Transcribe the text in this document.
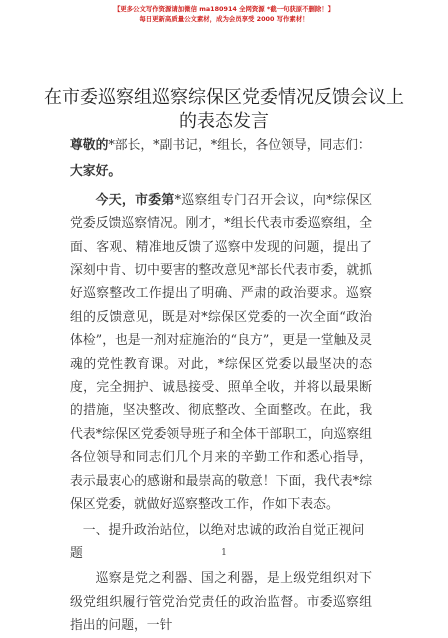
【更多公文写作资源请加微信 ma180914 全网资源 *截一句获原不删除！】
每日更新高质量公文素材，成为会员享受 2000 写作素材！
在市委巡察组巡察综保区党委情况反馈会议上的表态发言

尊敬的*部长，*副书记，*组长，各位领导，同志们：

大家好。

今天，市委第*巡察组专门召开会议，向*综保区党委反馈巡察情况。刚才，*组长代表市委巡察组，全面、客观、精准地反馈了巡察中发现的问题，提出了深刻中肯、切中要害的整改意见*部长代表市委，就抓好巡察整改工作提出了明确、严肃的政治要求。巡察组的反馈意见，既是对*综保区党委的一次全面“政治体检”，也是一剂对症施治的“良方”，更是一堂触及灵魂的党性教育课。对此，*综保区党委以最坚决的态度，完全拥护、诚恳接受、照单全收，并将以最果断的措施，坚决整改、彻底整改、全面整改。在此，我代表*综保区党委领导班子和全体干部职工，向巡察组各位领导和同志们几个月来的辛勤工作和悉心指导，表示最衷心的感谢和最崇高的敬意！下面，我代表*综保区党委，就做好巡察整改工作，作如下表态。

一、提升政治站位，以绝对忠诚的政治自觉正视问题

巡察是党之利器、国之利器，是上级党组织对下级党组织履行管党治党责任的政治监督。市委巡察组指出的问题，一针

1
